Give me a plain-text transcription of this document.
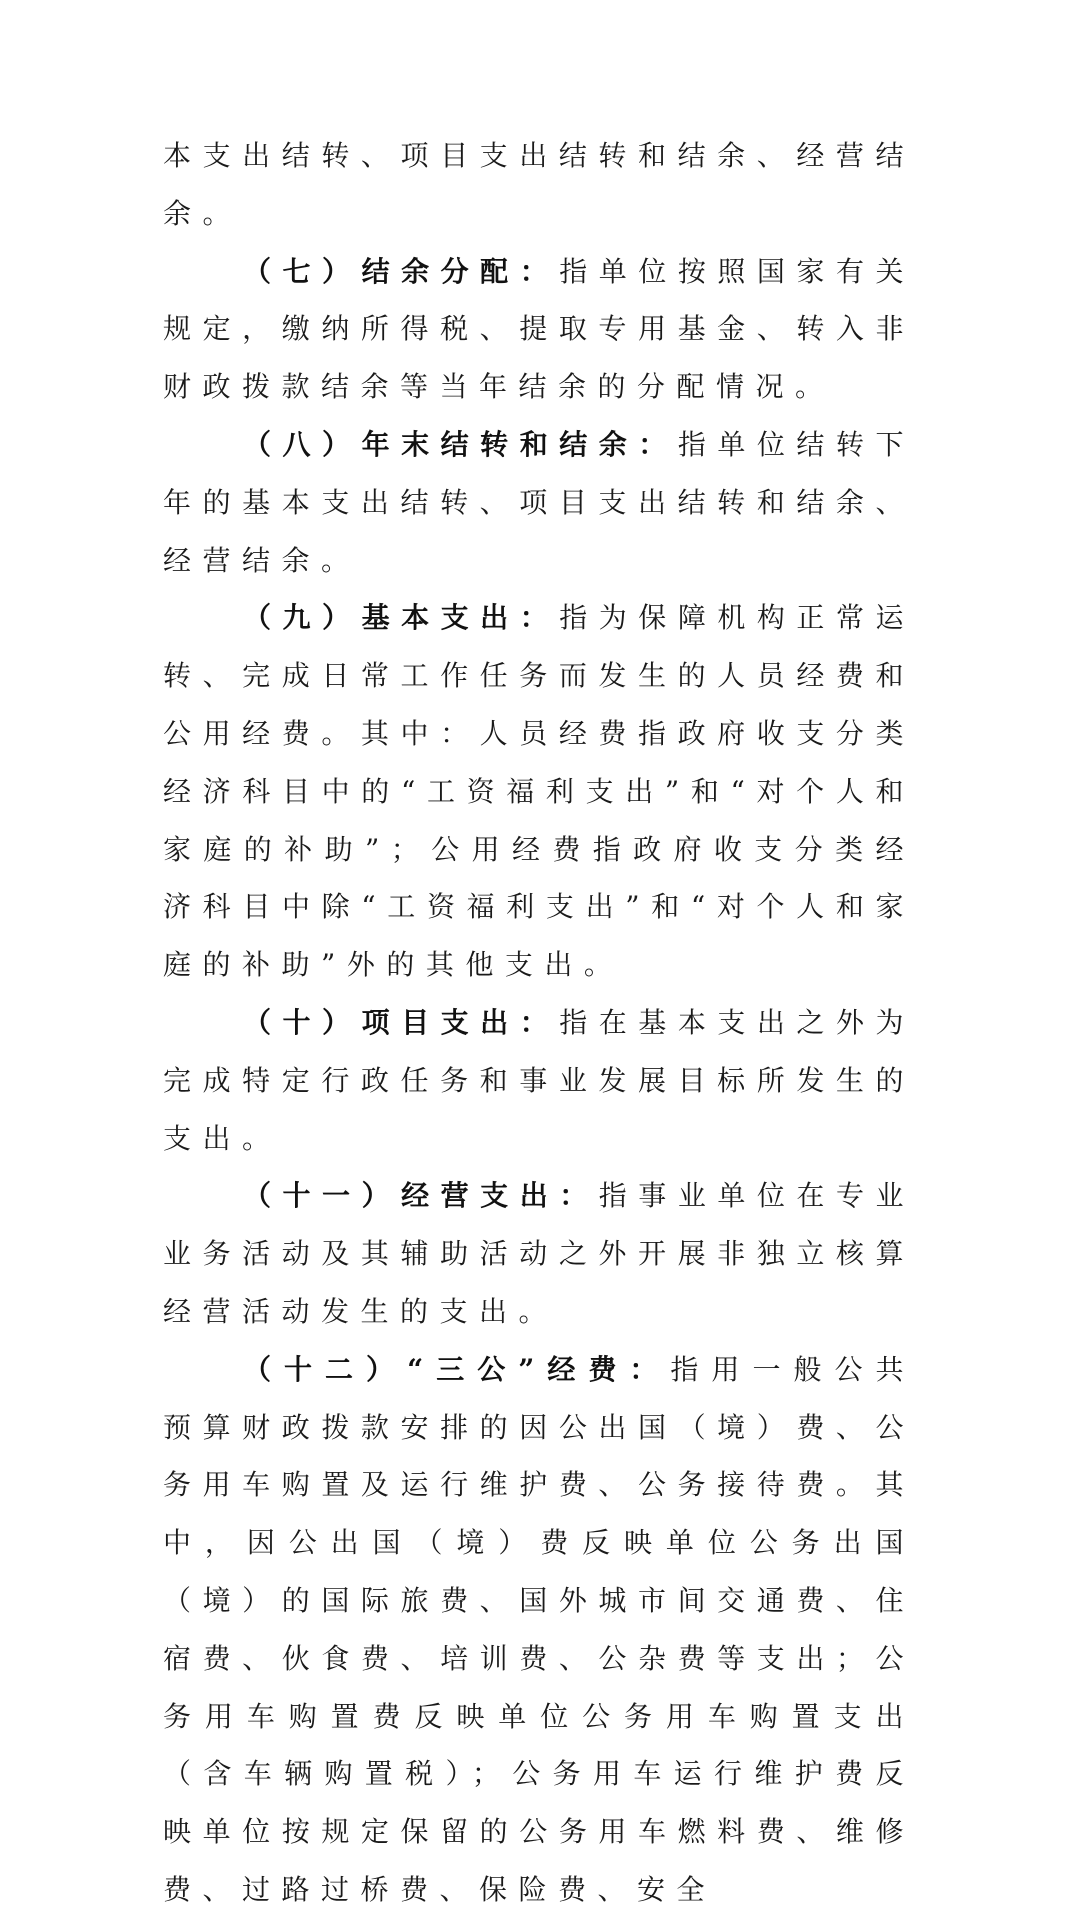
本支出结转、项目支出结转和结余、经营结余。

（七）结余分配：指单位按照国家有关规定，缴纳所得税、提取专用基金、转入非财政拨款结余等当年结余的分配情况。

（八）年末结转和结余：指单位结转下年的基本支出结转、项目支出结转和结余、经营结余。

（九）基本支出：指为保障机构正常运转、完成日常工作任务而发生的人员经费和公用经费。其中：人员经费指政府收支分类经济科目中的“工资福利支出”和“对个人和家庭的补助”；公用经费指政府收支分类经济科目中除“工资福利支出”和“对个人和家庭的补助”外的其他支出。

（十）项目支出：指在基本支出之外为完成特定行政任务和事业发展目标所发生的支出。

（十一）经营支出：指事业单位在专业业务活动及其辅助活动之外开展非独立核算经营活动发生的支出。

（十二）“三公”经费：指用一般公共预算财政拨款安排的因公出国（境）费、公务用车购置及运行维护费、公务接待费。其中，因公出国（境）费反映单位公务出国（境）的国际旅费、国外城市间交通费、住宿费、伙食费、培训费、公杂费等支出；公务用车购置费反映单位公务用车购置支出（含车辆购置税）；公务用车运行维护费反映单位按规定保留的公务用车燃料费、维修费、过路过桥费、保险费、安全
